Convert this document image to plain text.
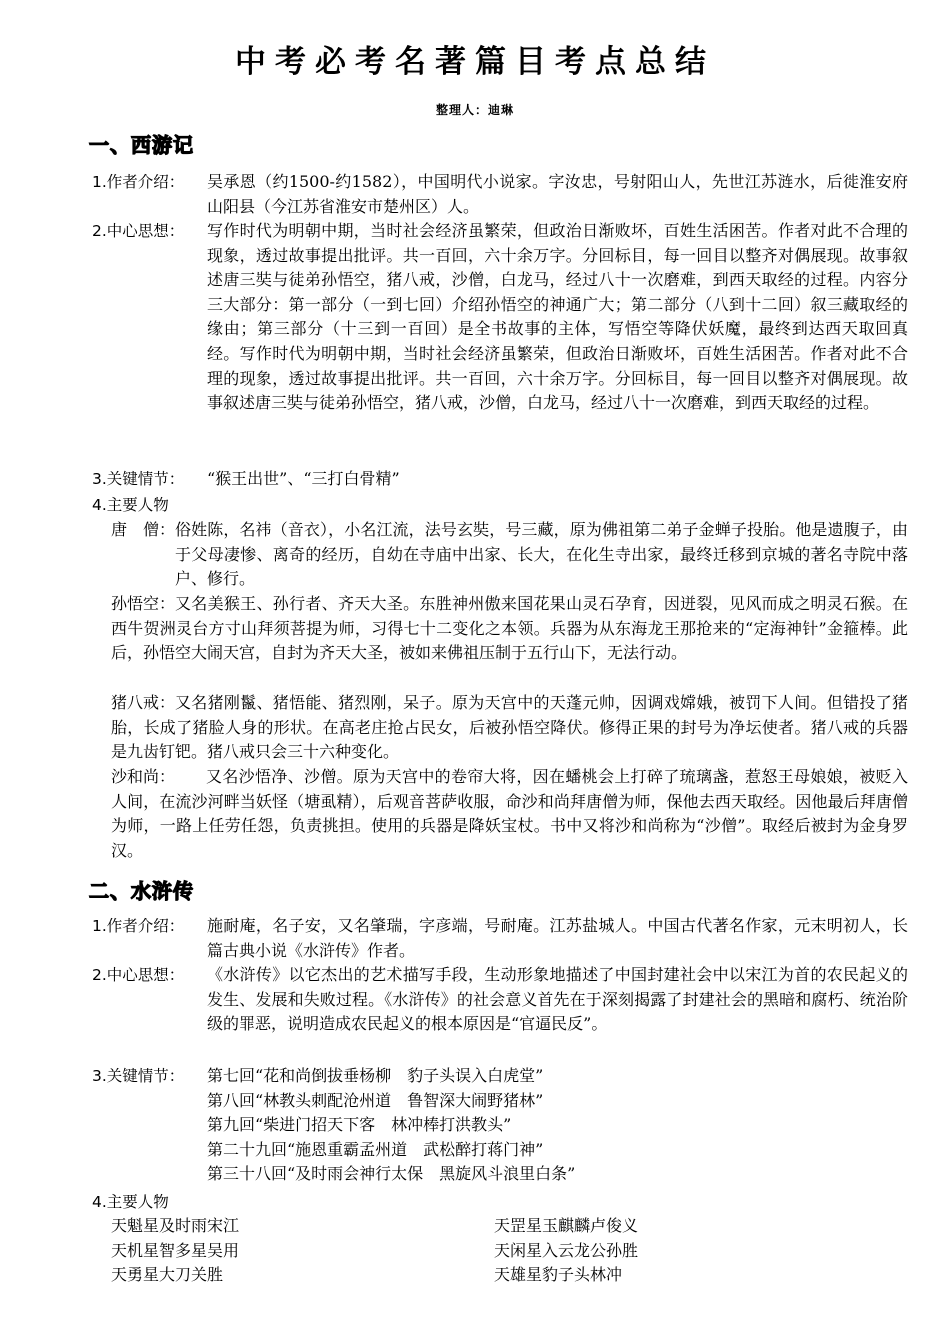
中考必考名著篇目考点总结
整理人：迪琳
一、西游记
1.作者介绍： 吴承恩（约1500-约1582），中国明代小说家。字汝忠，号射阳山人，先世江苏涟水，后徙淮安府山阳县（今江苏省淮安市楚州区）人。
2.中心思想： 写作时代为明朝中期，当时社会经济虽繁荣，但政治日渐败坏，百姓生活困苦。作者对此不合理的现象，透过故事提出批评。共一百回，六十余万字。分回标目，每一回目以整齐对偶展现。故事叙述唐三奘与徒弟孙悟空，猪八戒，沙僧，白龙马，经过八十一次磨难，到西天取经的过程。内容分三大部分：第一部分（一到七回）介绍孙悟空的神通广大；第二部分（八到十二回）叙三藏取经的缘由；第三部分（十三到一百回）是全书故事的主体，写悟空等降伏妖魔，最终到达西天取回真经。写作时代为明朝中期，当时社会经济虽繁荣，但政治日渐败坏，百姓生活困苦。作者对此不合理的现象，透过故事提出批评。共一百回，六十余万字。分回标目，每一回目以整齐对偶展现。故事叙述唐三奘与徒弟孙悟空，猪八戒，沙僧，白龙马，经过八十一次磨难，到西天取经的过程。
3.关键情节： “猴王出世”、“三打白骨精”
4.主要人物
唐　僧： 俗姓陈，名祎（音衣），小名江流，法号玄奘，号三藏，原为佛祖第二弟子金蝉子投胎。他是遗腹子，由于父母凄惨、离奇的经历，自幼在寺庙中出家、长大，在化生寺出家，最终迁移到京城的著名寺院中落户、修行。
孙悟空： 又名美猴王、孙行者、齐天大圣。东胜神州傲来国花果山灵石孕育，因迸裂，见风而成之明灵石猴。在西牛贺洲灵台方寸山拜须菩提为师，习得七十二变化之本领。兵器为从东海龙王那抢来的“定海神针”金箍棒。此后，孙悟空大闹天宫，自封为齐天大圣，被如来佛祖压制于五行山下，无法行动。
猪八戒： 又名猪刚鬣、猪悟能、猪烈刚，呆子。原为天宫中的天蓬元帅，因调戏嫦娥，被罚下人间。但错投了猪胎，长成了猪脸人身的形状。在高老庄抢占民女，后被孙悟空降伏。修得正果的封号为净坛使者。猪八戒的兵器是九齿钉钯。猪八戒只会三十六种变化。
沙和尚：	又名沙悟净、沙僧。原为天宫中的卷帘大将，因在蟠桃会上打碎了琉璃盏，惹怒王母娘娘，被贬入人间，在流沙河畔当妖怪（塘虱精），后观音菩萨收服，命沙和尚拜唐僧为师，保他去西天取经。因他最后拜唐僧为师，一路上任劳任怨，负责挑担。使用的兵器是降妖宝杖。书中又将沙和尚称为“沙僧”。取经后被封为金身罗汉。
二、水浒传
1.作者介绍： 施耐庵，名子安，又名肇瑞，字彦端，号耐庵。江苏盐城人。中国古代著名作家，元末明初人，长篇古典小说《水浒传》作者。
2.中心思想： 《水浒传》以它杰出的艺术描写手段，生动形象地描述了中国封建社会中以宋江为首的农民起义的发生、发展和失败过程。《水浒传》的社会意义首先在于深刻揭露了封建社会的黑暗和腐朽、统治阶级的罪恶，说明造成农民起义的根本原因是“官逼民反”。
3.关键情节： 第七回“花和尚倒拔垂杨柳　豹子头误入白虎堂”
第八回“林教头刺配沧州道　鲁智深大闹野猪林”
第九回“柴进门招天下客　林冲棒打洪教头”
第二十九回“施恩重霸孟州道　武松醉打蒋门神”
第三十八回“及时雨会神行太保　黑旋风斗浪里白条”
4.主要人物
天魁星及时雨宋江	天罡星玉麒麟卢俊义
天机星智多星吴用	天闲星入云龙公孙胜
天勇星大刀关胜	天雄星豹子头林冲
